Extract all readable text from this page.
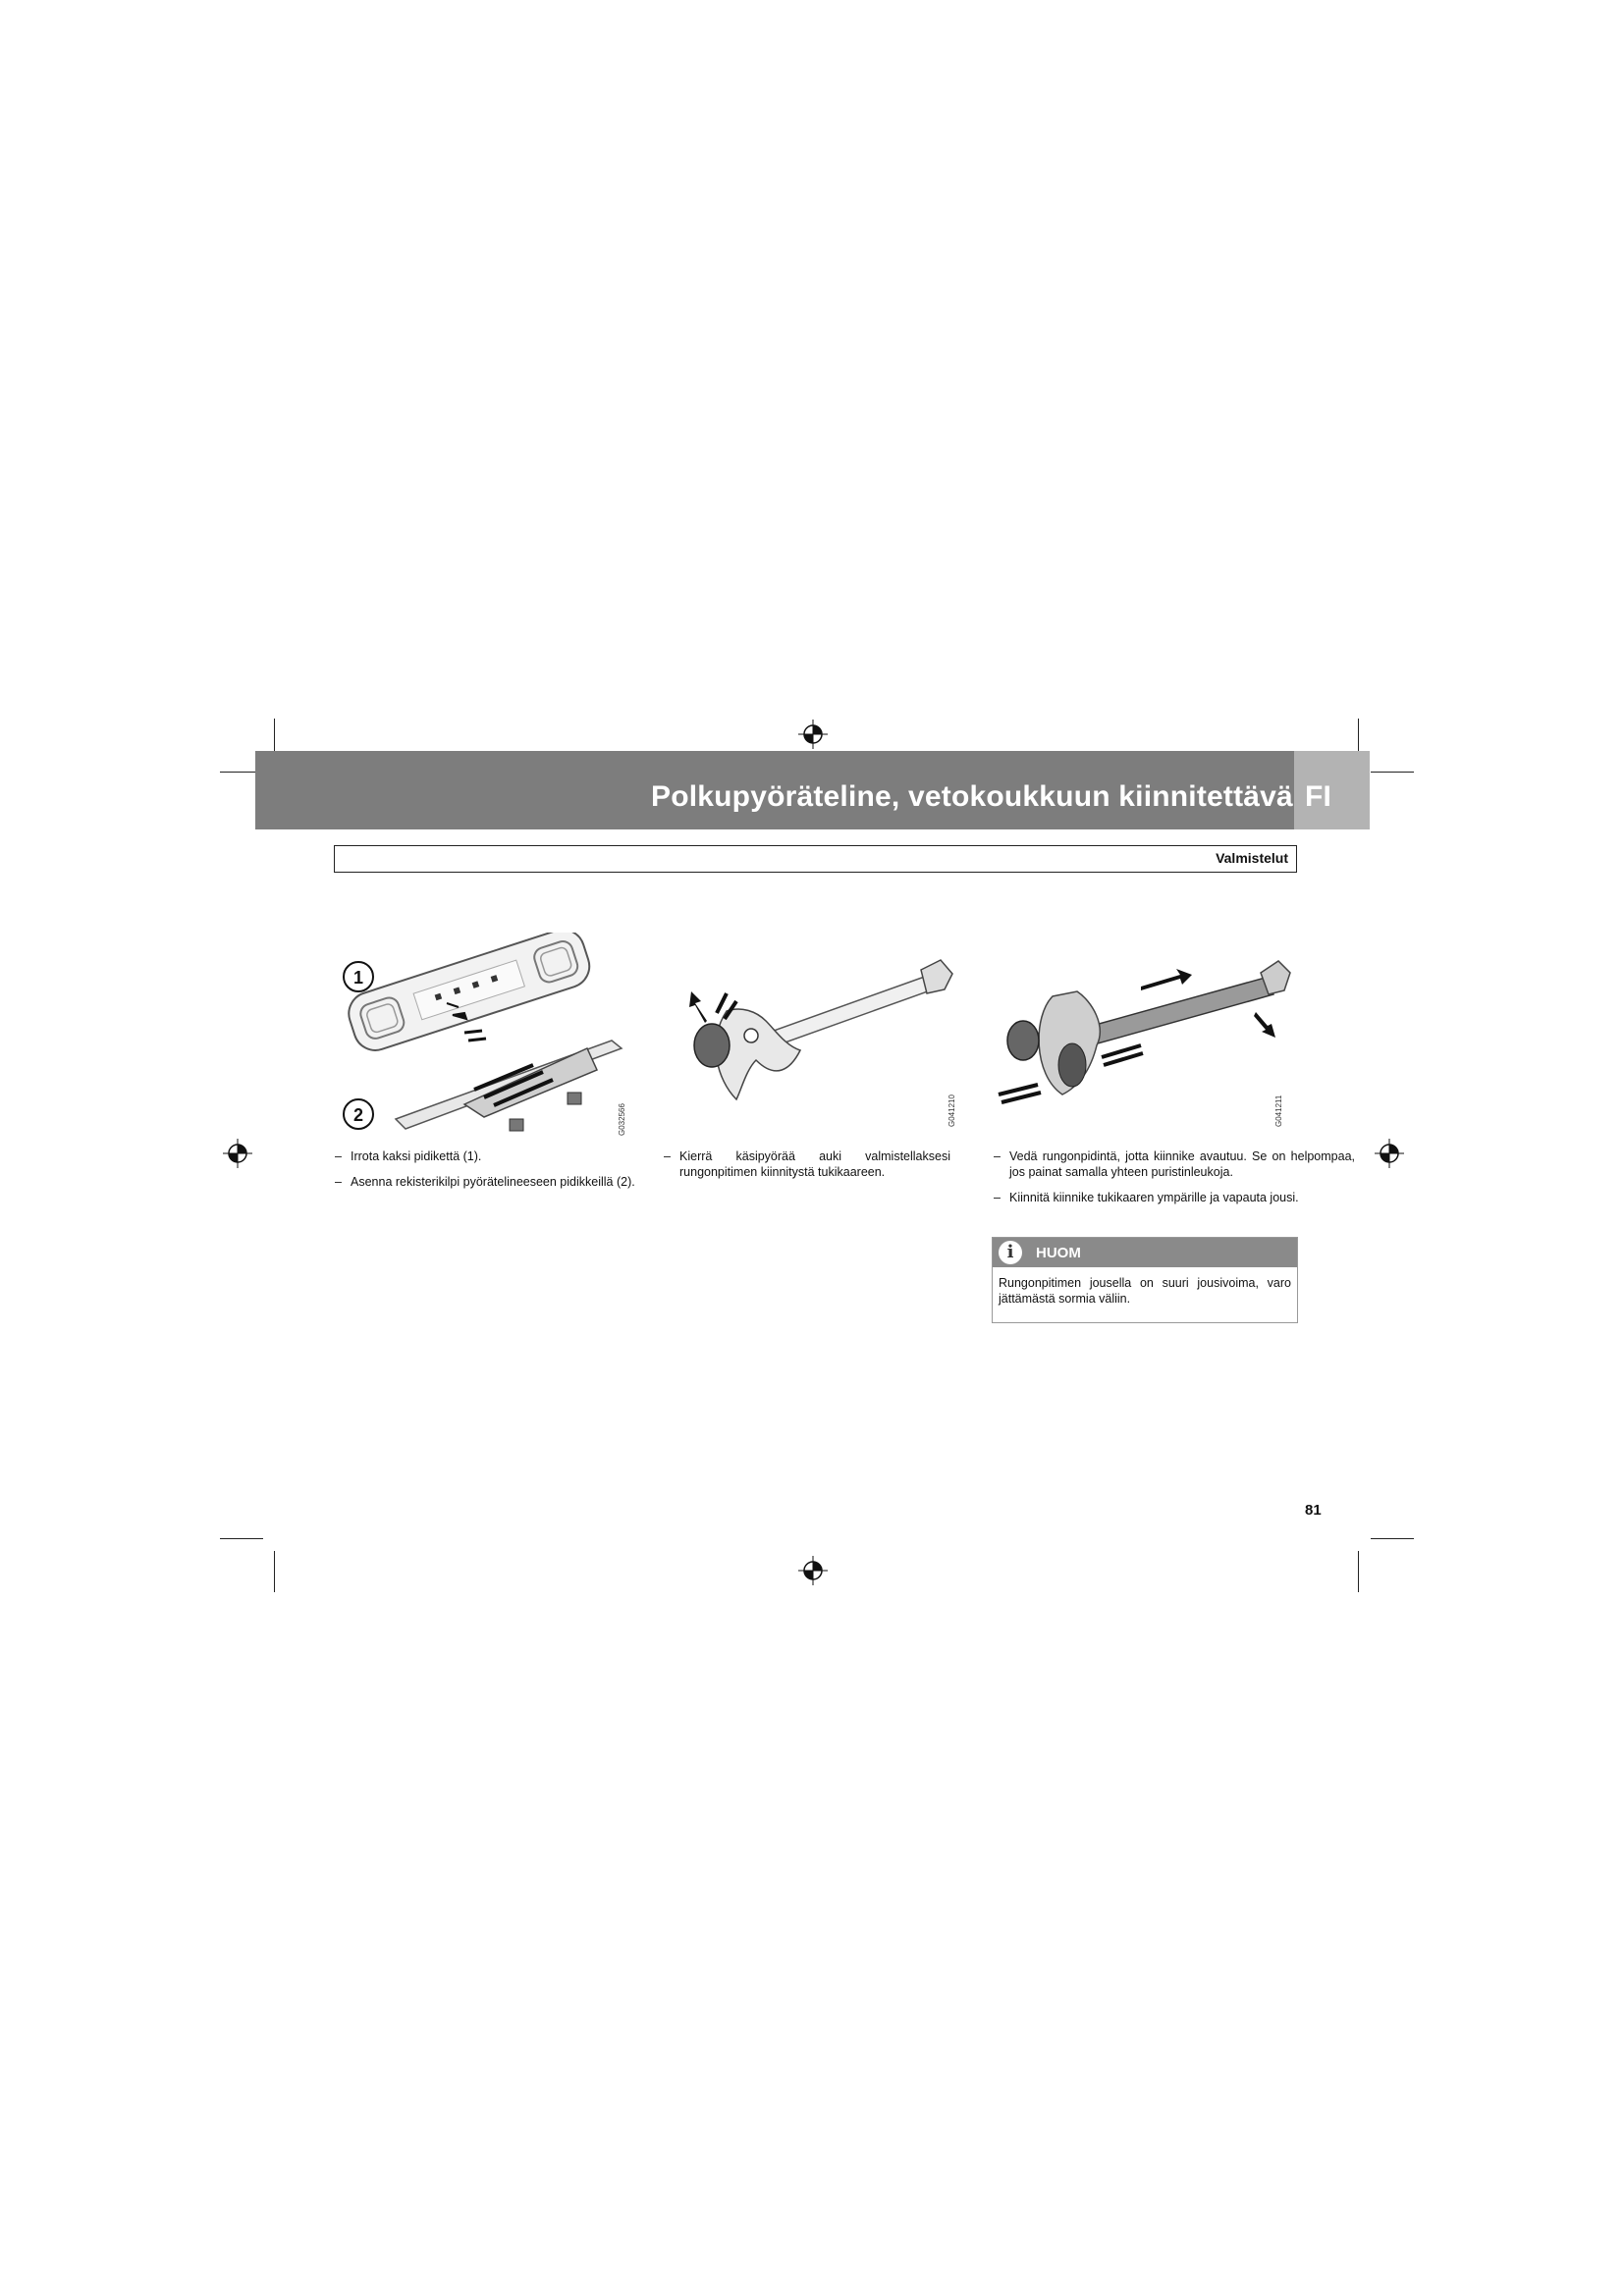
Polkupyöräteline, vetokoukkuun kiinnitettävä FI
Valmistelut
1
2	G032566	G041210	G041211

– Irrota kaksi pidikettä (1).

– Asenna rekisterikilpi pyörätelineeseen pidikkeillä (2).

– Kierrä käsipyörää auki valmistellaksesi rungonpitimen kiinnitystä tukikaareen.

– Vedä rungonpidintä, jotta kiinnike avautuu. Se on helpompaa, jos painat samalla yhteen puristinleukoja.

– Kiinnitä kiinnike tukikaaren ympärille ja vapauta jousi.

i	HUOM
Rungonpitimen jousella on suuri jousivoima, varo jättämästä sormia väliin.
81
